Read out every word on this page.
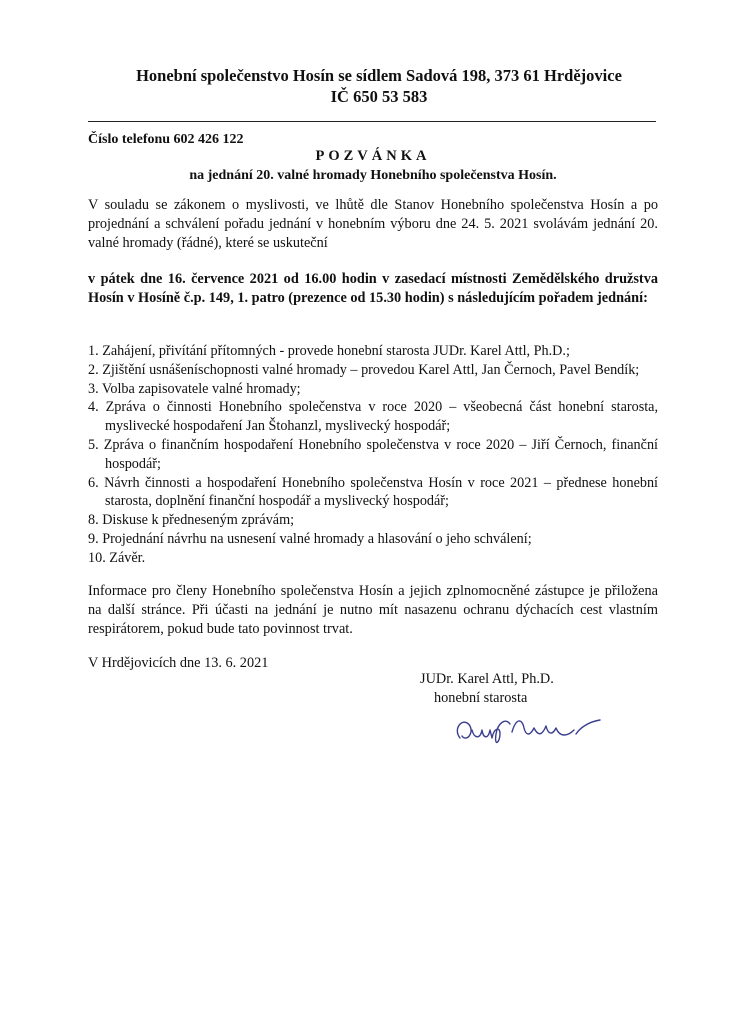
Honební společenstvo Hosín se sídlem Sadová 198, 373 61 Hrdějovice
IČ 650 53 583
Číslo telefonu 602 426 122
POZVÁNKA
na jednání 20. valné hromady Honebního společenstva Hosín.
V souladu se zákonem o myslivosti, ve lhůtě dle Stanov Honebního společenstva Hosín a po projednání a schválení pořadu jednání v honebním výboru dne 24. 5. 2021 svolávám jednání 20. valné hromady (řádné), které se uskuteční
v pátek dne 16. července 2021 od 16.00 hodin v zasedací místnosti Zemědělského družstva Hosín v Hosíně č.p. 149, 1. patro (prezence od 15.30 hodin) s následujícím pořadem jednání:
1. Zahájení, přivítání přítomných - provede honební starosta JUDr. Karel Attl, Ph.D.;
2. Zjištění usnášeníschopnosti valné hromady – provedou Karel Attl, Jan Černoch, Pavel Bendík;
3. Volba zapisovatele valné hromady;
4. Zpráva o činnosti Honebního společenstva v roce 2020 – všeobecná část honební starosta, myslivecké hospodaření Jan Štohanzl, myslivecký hospodář;
5. Zpráva o finančním hospodaření Honebního společenstva v roce 2020 – Jiří Černoch, finanční hospodář;
6. Návrh činnosti a hospodaření Honebního společenstva Hosín v roce 2021 – přednese honební starosta, doplnění finanční hospodář a myslivecký hospodář;
8. Diskuse k předneseným zprávám;
9. Projednání návrhu na usnesení valné hromady a hlasování o jeho schválení;
10. Závěr.
Informace pro členy Honebního společenstva Hosín a jejich zplnomocněné zástupce je přiložena na další stránce. Při účasti na jednání je nutno mít nasazenu ochranu dýchacích cest vlastním respirátorem, pokud bude tato povinnost trvat.
V Hrdějovicích dne 13. 6. 2021
JUDr. Karel Attl, Ph.D.
honební starosta
